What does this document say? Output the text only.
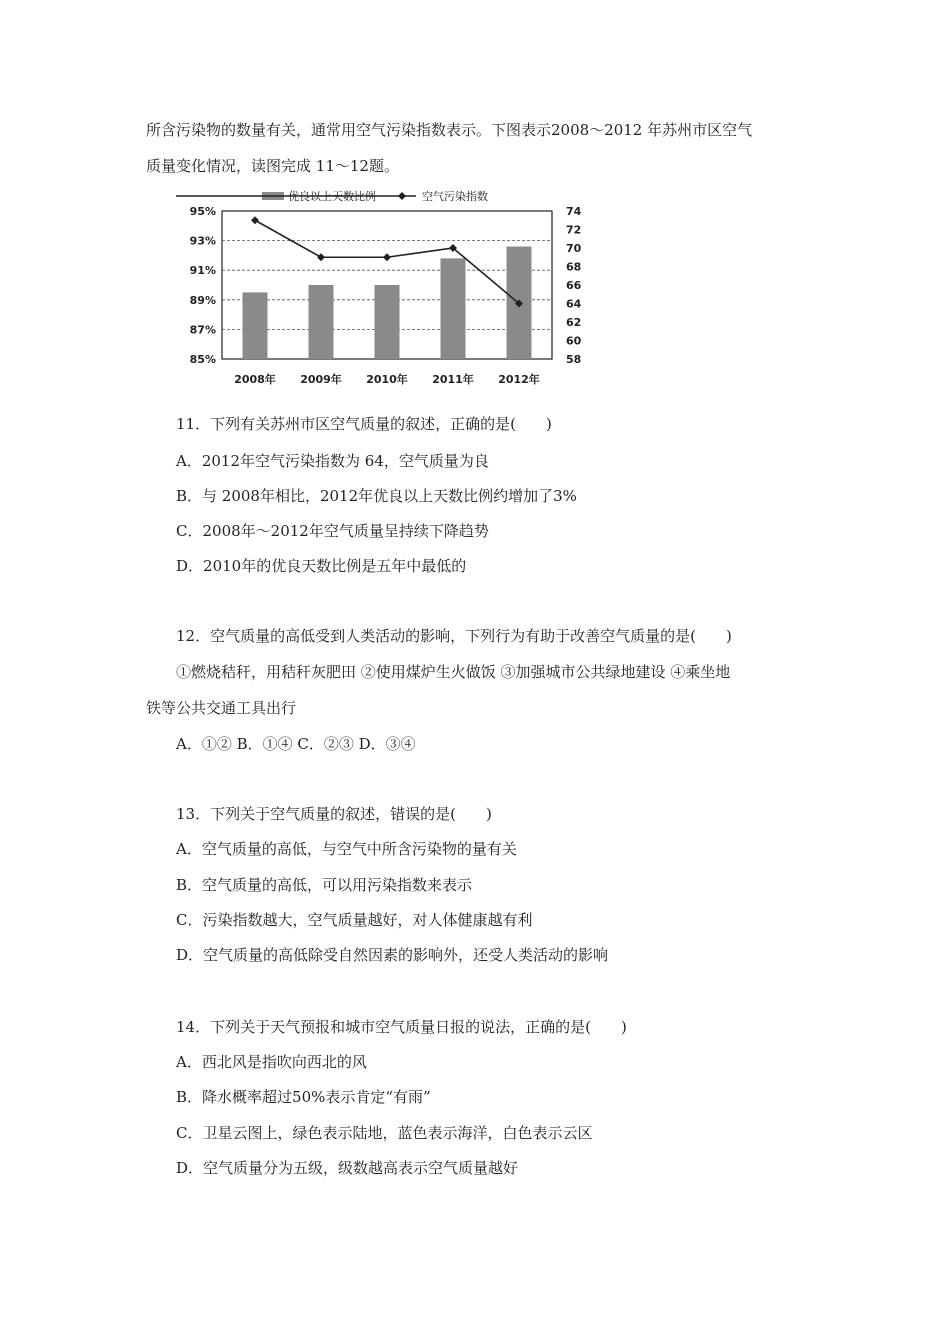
所含污染物的数量有关，通常用空气污染指数表示。下图表示2008～2012 年苏州市区空气
质量变化情况，读图完成 11～12题。
优良以上天数比例	空气污染指数
95%
93%
91%
89%
87%
85%
74
72
70
68
66
64
62
60
58
2008年 2009年 2010年 2011年 2012年
11．下列有关苏州市区空气质量的叙述，正确的是(　　)
A．2012年空气污染指数为 64，空气质量为良
B．与 2008年相比，2012年优良以上天数比例约增加了3%
C．2008年～2012年空气质量呈持续下降趋势
D．2010年的优良天数比例是五年中最低的
12．空气质量的高低受到人类活动的影响，下列行为有助于改善空气质量的是(　　)
①燃烧秸秆，用秸秆灰肥田 ②使用煤炉生火做饭 ③加强城市公共绿地建设 ④乘坐地
铁等公共交通工具出行
A．①② B．①④ C．②③ D．③④
13．下列关于空气质量的叙述，错误的是(　　)
A．空气质量的高低，与空气中所含污染物的量有关
B．空气质量的高低，可以用污染指数来表示
C．污染指数越大，空气质量越好，对人体健康越有利
D．空气质量的高低除受自然因素的影响外，还受人类活动的影响
14．下列关于天气预报和城市空气质量日报的说法，正确的是(　　)
A．西北风是指吹向西北的风
B．降水概率超过50%表示肯定“有雨”
C．卫星云图上，绿色表示陆地，蓝色表示海洋，白色表示云区
D．空气质量分为五级，级数越高表示空气质量越好
